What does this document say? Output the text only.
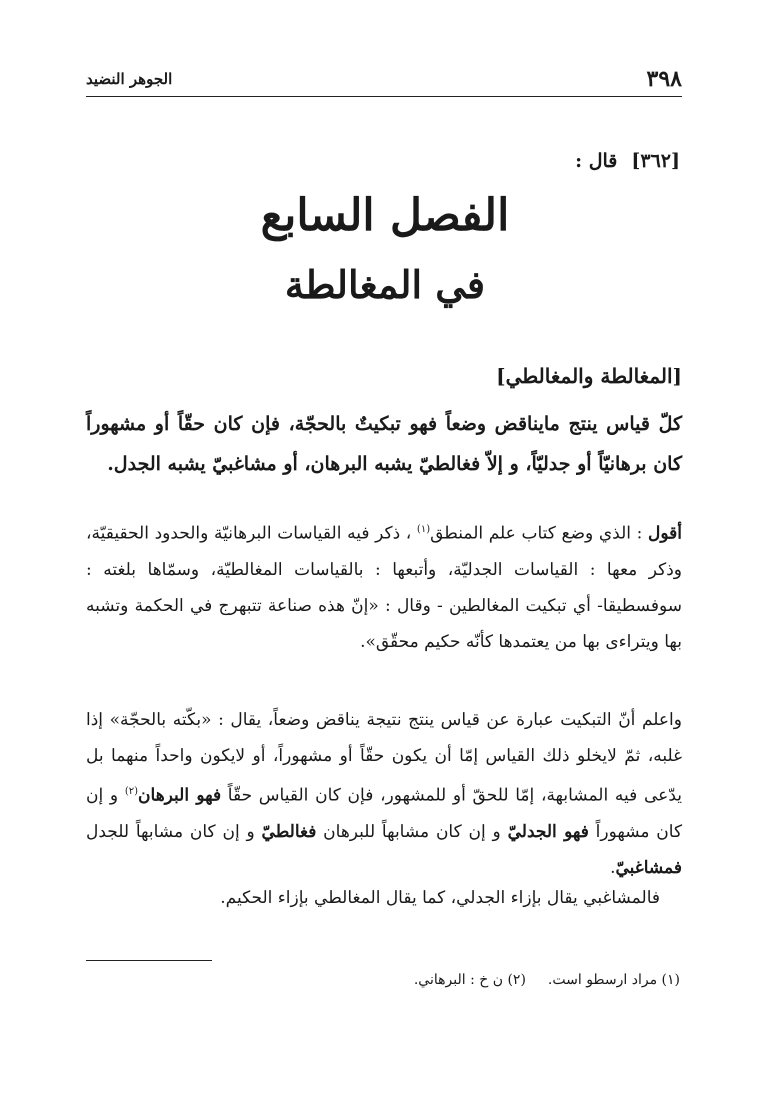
٣٩٨
الجوهر النضيد
[٣٦٢]
قال :
الفصل السابع
في المغالطة
[المغالطة والمغالطي]
كلّ قياس ينتج مايناقض وضعاً فهو تبكيتٌ بالحجّة، فإن كان حقّاً أو مشهوراً كان برهانيّاً أو جدليّاً، و إلاّ فغالطيّ يشبه البرهان، أو مشاغبيّ يشبه الجدل.
أقول : الذي وضع كتاب علم المنطق$^{(١)}$ ، ذكر فيه القياسات البرهانيّة والحدود الحقيقيّة، وذكر معها : القياسات الجدليّة، وأتبعها : بالقياسات المغالطيّة، وسمّاها بلغته : سوفسطيقا- أي تبكيت المغالطين - وقال : «إنّ هذه صناعة تتبهرج في الحكمة وتشبه بها ويتراءى بها من يعتمدها كأنّه حكيم محقّق».
واعلم أنّ التبكيت عبارة عن قياس ينتج نتيجة يناقض وضعاً، يقال : «بكّته بالحجّة» إذا غلبه، ثمّ لايخلو ذلك القياس إمّا أن يكون حقّاً أو مشهوراً، أو لايكون واحداً منهما بل يدّعى فيه المشابهة، إمّا للحقّ أو للمشهور، فإن كان القياس حقّاً فهو البرهان$^{(٢)}$ و إن كان مشهوراً فهو الجدليّ و إن كان مشابهاً للبرهان فغالطيّ و إن كان مشابهاً للجدل فمشاغبيّ.
فالمشاغبي يقال بإزاء الجدلي، كما يقال المغالطي بإزاء الحكيم.
(١) مراد ارسطو است.
(٢) ن خ : البرهاني.
